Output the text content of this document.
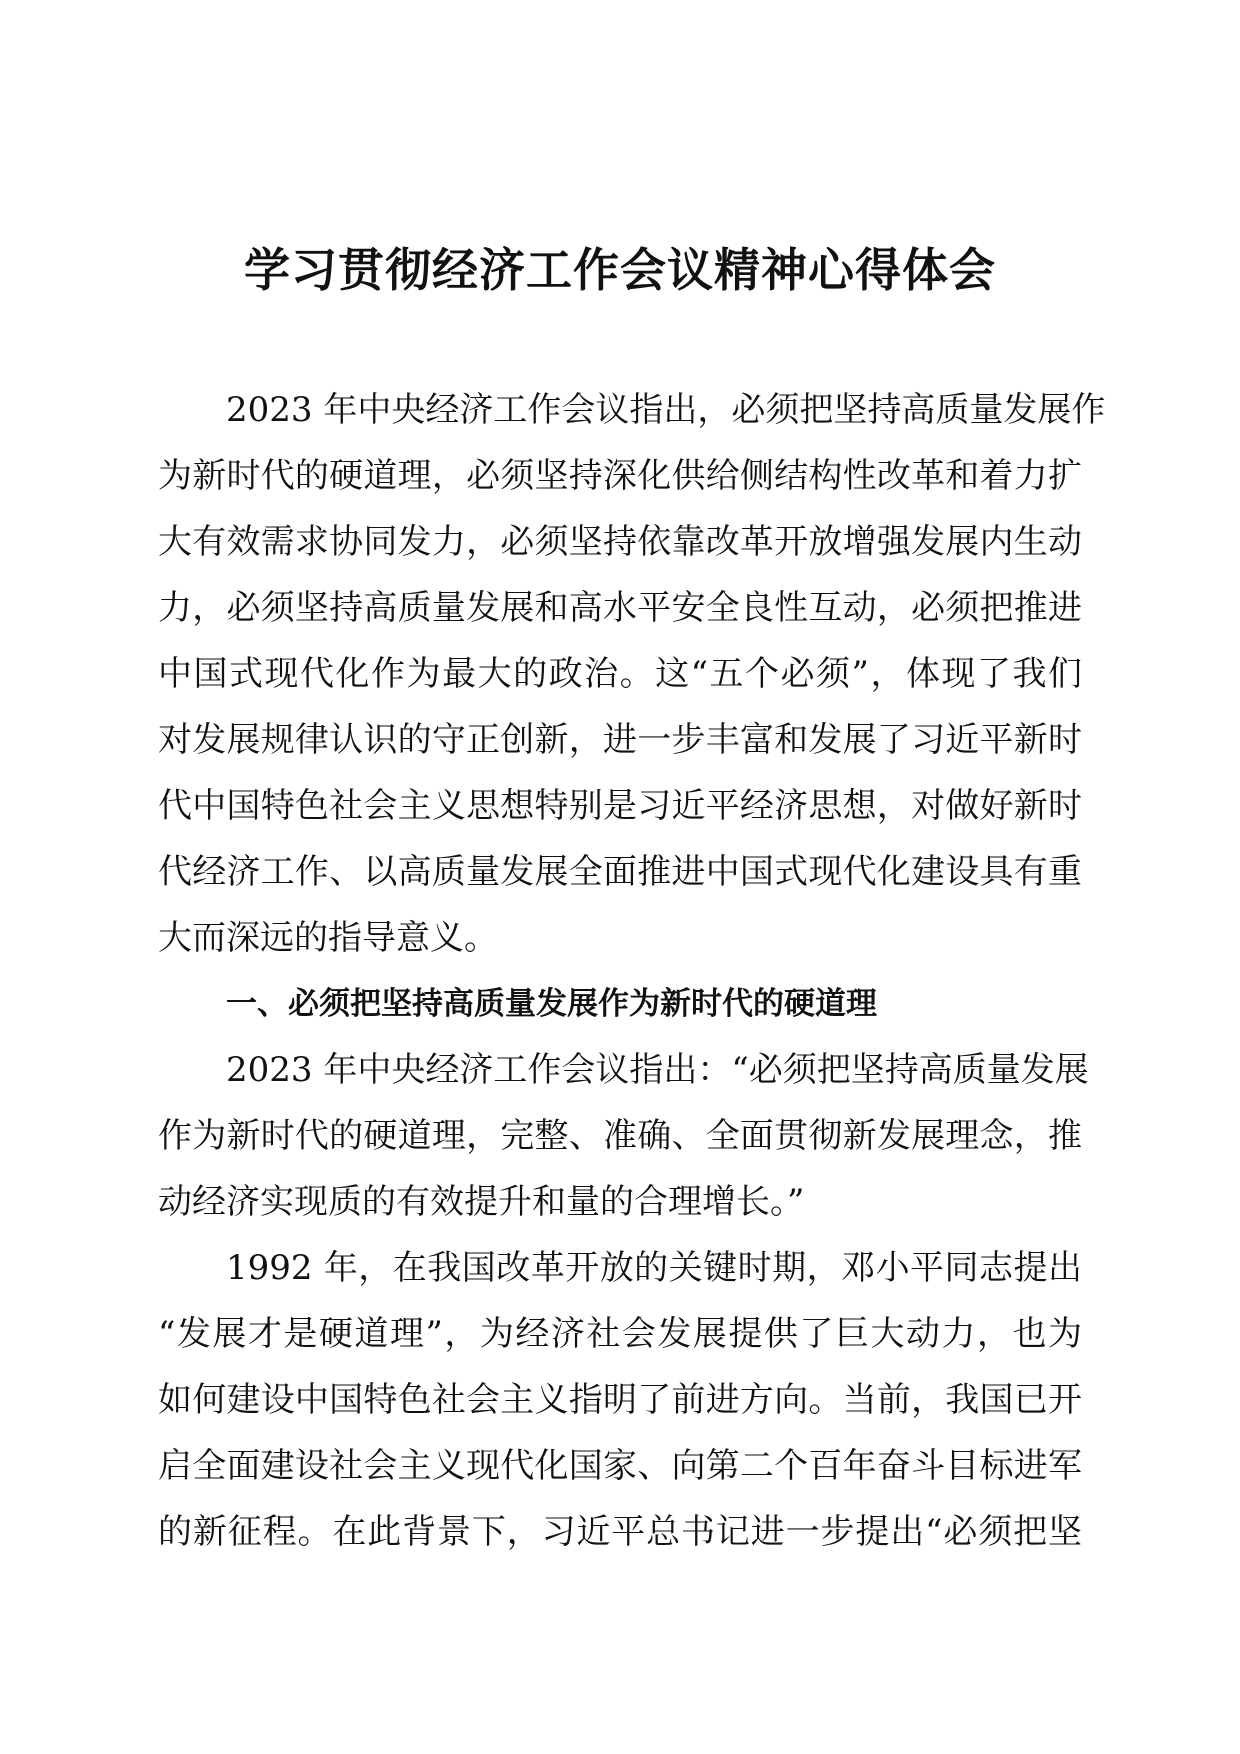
学习贯彻经济工作会议精神心得体会
2023 年中央经济工作会议指出，必须把坚持高质量发展作
为新时代的硬道理，必须坚持深化供给侧结构性改革和着力扩
大有效需求协同发力，必须坚持依靠改革开放增强发展内生动
力，必须坚持高质量发展和高水平安全良性互动，必须把推进
中国式现代化作为最大的政治。这“五个必须”，体现了我们
对发展规律认识的守正创新，进一步丰富和发展了习近平新时
代中国特色社会主义思想特别是习近平经济思想，对做好新时
代经济工作、以高质量发展全面推进中国式现代化建设具有重
大而深远的指导意义。
一、必须把坚持高质量发展作为新时代的硬道理
2023 年中央经济工作会议指出：“必须把坚持高质量发展
作为新时代的硬道理，完整、准确、全面贯彻新发展理念，推
动经济实现质的有效提升和量的合理增长。”
1992 年，在我国改革开放的关键时期，邓小平同志提出
“发展才是硬道理”，为经济社会发展提供了巨大动力，也为
如何建设中国特色社会主义指明了前进方向。当前，我国已开
启全面建设社会主义现代化国家、向第二个百年奋斗目标进军
的新征程。在此背景下，习近平总书记进一步提出“必须把坚
